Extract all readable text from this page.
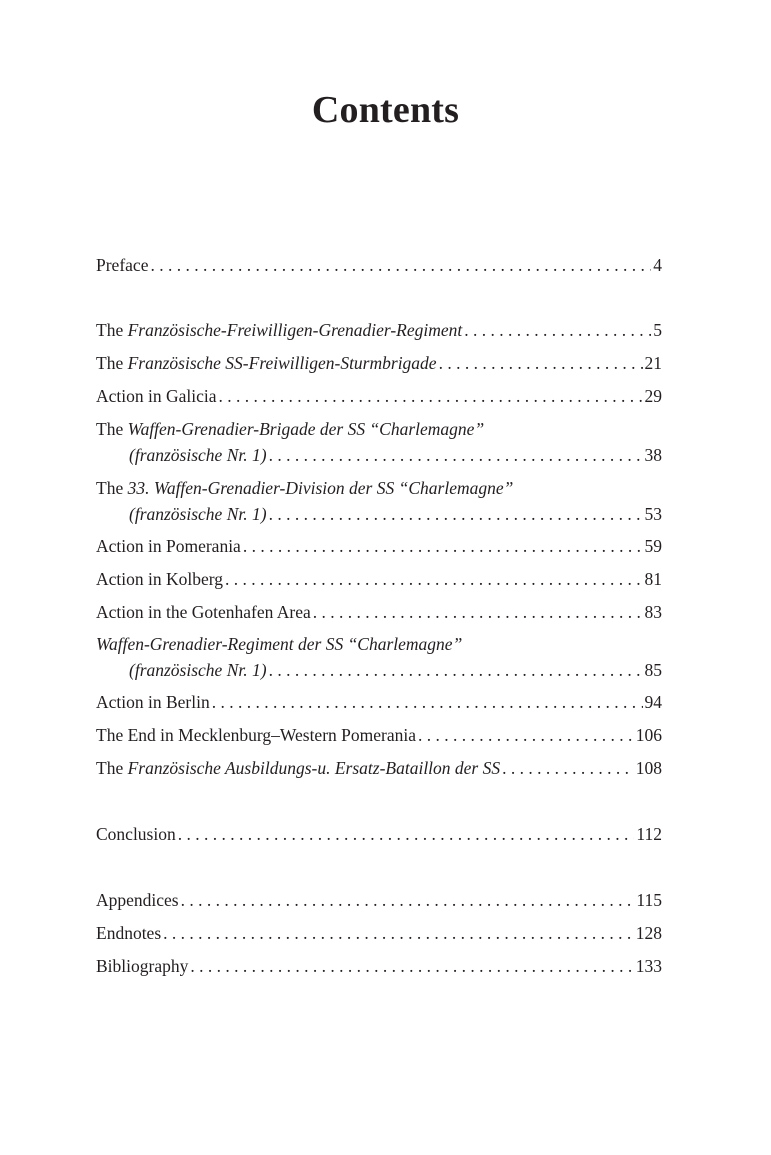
Contents
Preface . . .	4
The Französische-Freiwilligen-Grenadier-Regiment . . .	5
The Französische SS-Freiwilligen-Sturmbrigade . . .	21
Action in Galicia . . .	29
The Waffen-Grenadier-Brigade der SS “Charlemagne”
(französische Nr. 1) . . .	38
The 33. Waffen-Grenadier-Division der SS “Charlemagne”
(französische Nr. 1) . . .	53
Action in Pomerania . . .	59
Action in Kolberg . . .	81
Action in the Gotenhafen Area . . .	83
Waffen-Grenadier-Regiment der SS “Charlemagne”
(französische Nr. 1) . . .	85
Action in Berlin . . .	94
The End in Mecklenburg–Western Pomerania . . .	106
The Französische Ausbildungs-u. Ersatz-Bataillon der SS . . .	108
Conclusion . . .	112
Appendices . . .	115
Endnotes . . .	128
Bibliography . . .	133
